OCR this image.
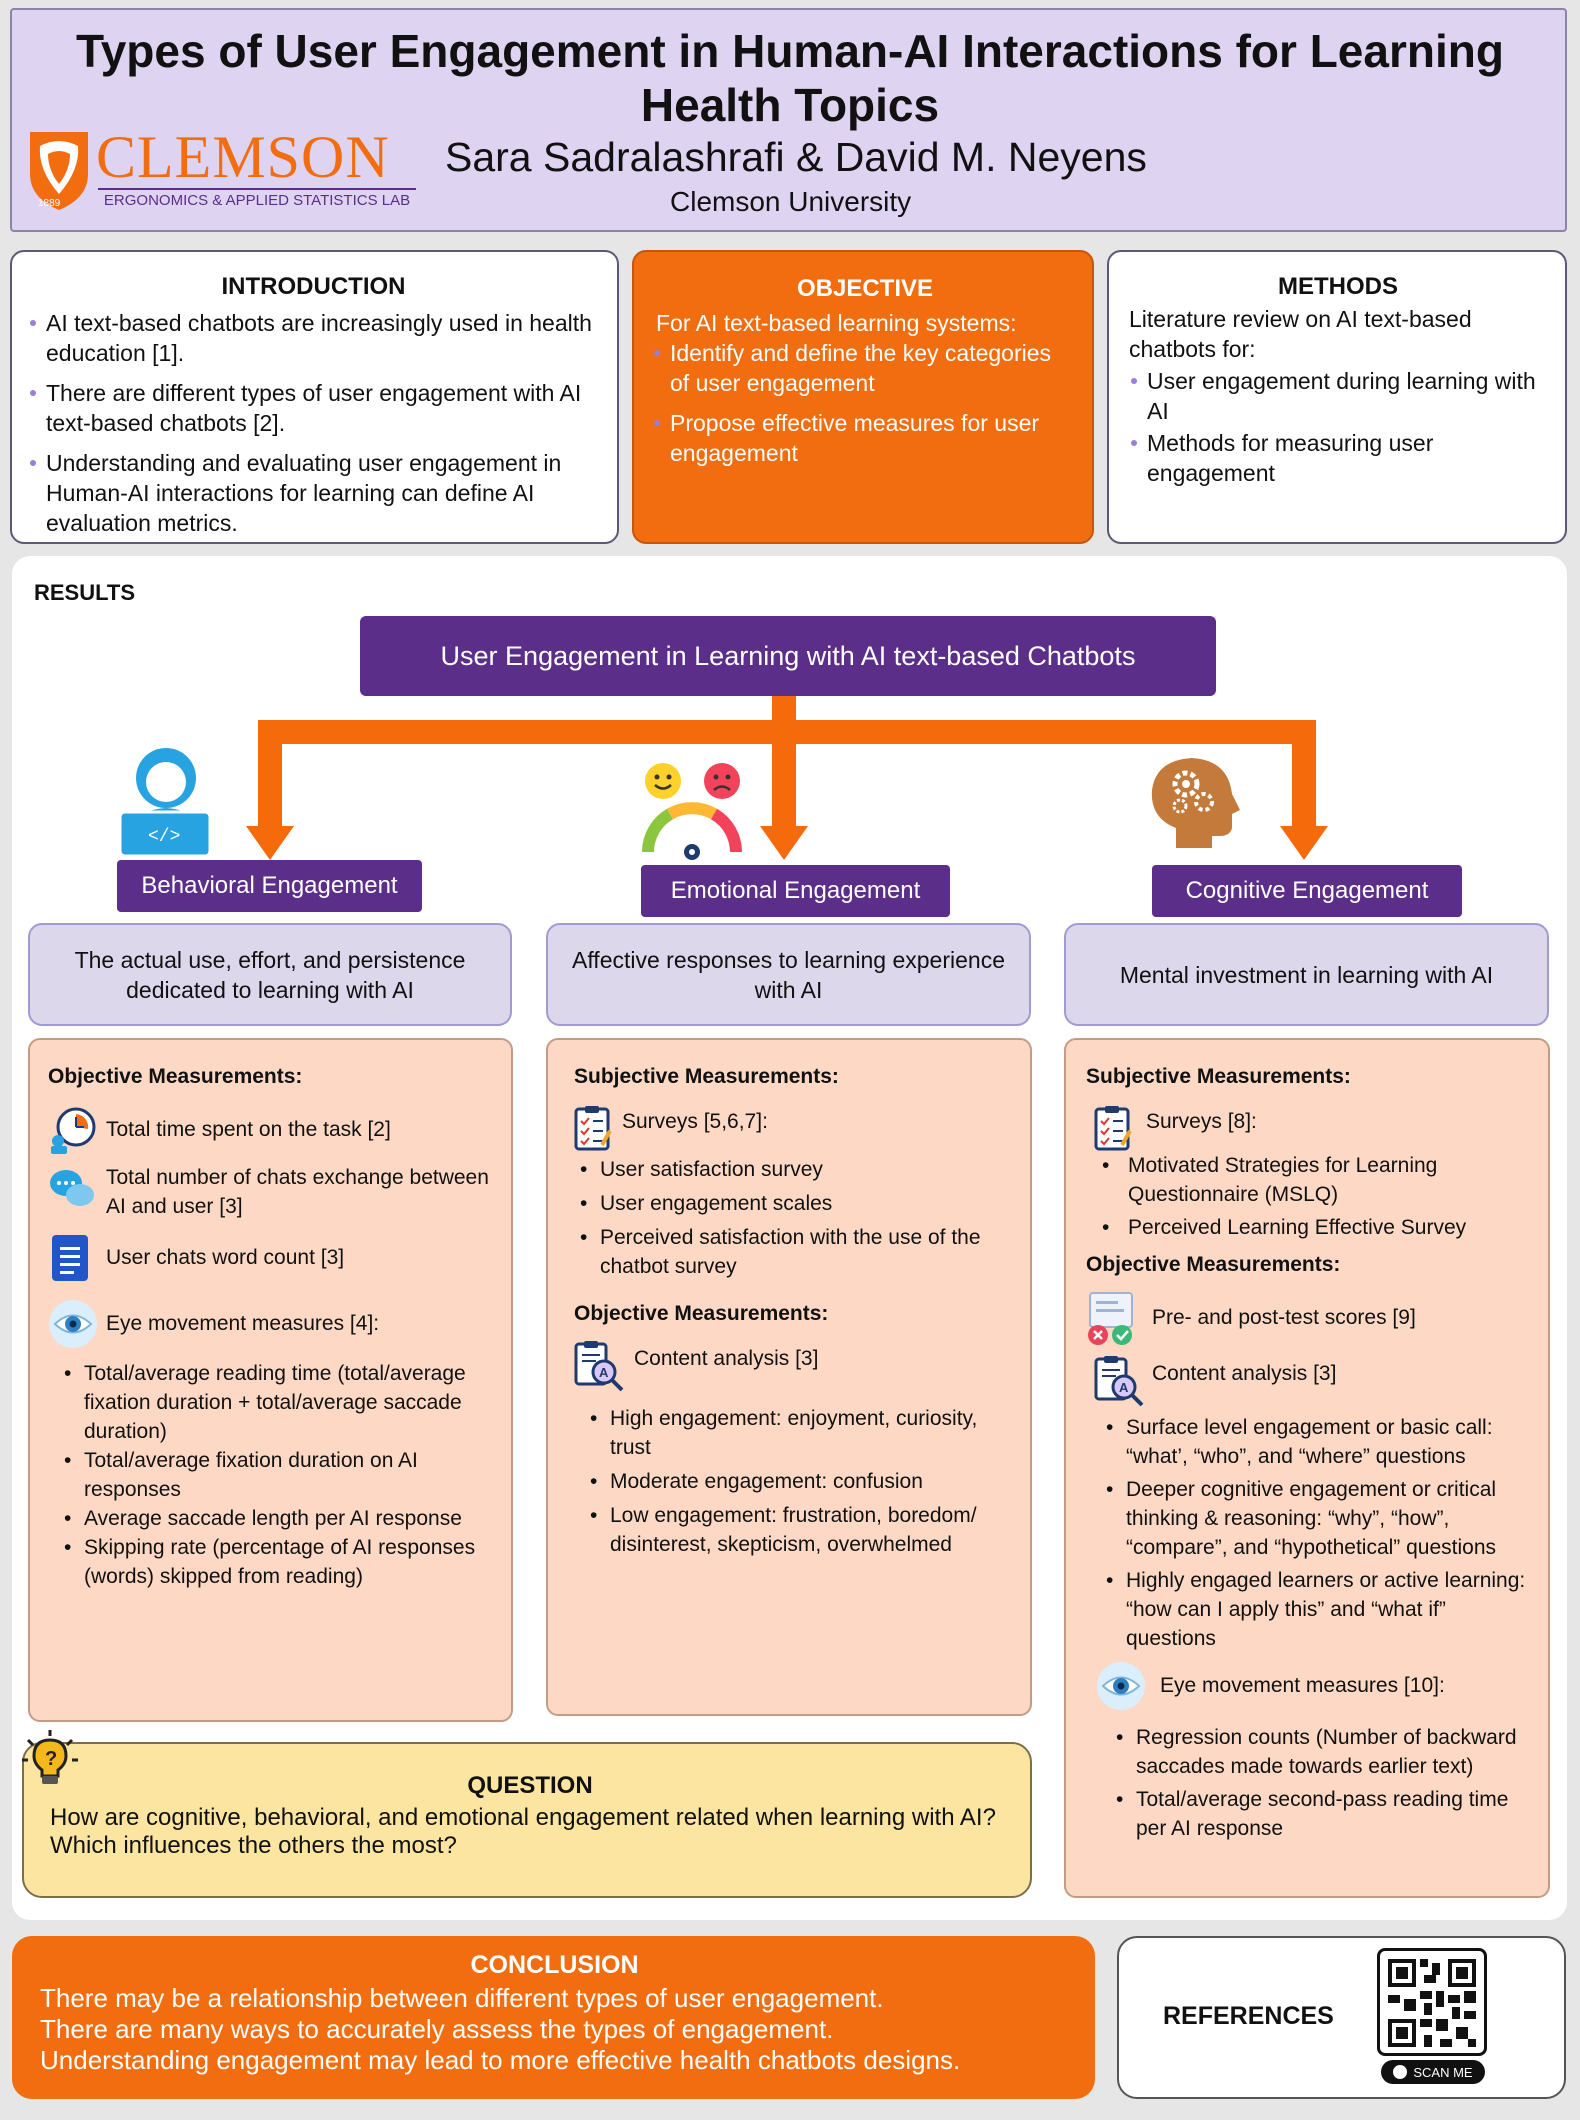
Types of User Engagement in Human-AI Interactions for Learning Health Topics
1889
CLEMSON
ERGONOMICS & APPLIED STATISTICS LAB
Sara Sadralashrafi & David M. Neyens
Clemson University
INTRODUCTION
AI text-based chatbots are increasingly used in health education [1].
There are different types of user engagement with AI text-based chatbots [2].
Understanding and evaluating user engagement in Human-AI interactions for learning can define AI evaluation metrics.
OBJECTIVE
For AI text-based learning systems:
Identify and define the key categories of user engagement
Propose effective measures for user engagement
METHODS
Literature review on AI text-based chatbots for:
User engagement during learning with AI
Methods for measuring user engagement
RESULTS
User Engagement in Learning with AI text-based Chatbots
</>
Behavioral Engagement	Emotional Engagement	Cognitive Engagement
The actual use, effort, and persistence dedicated to learning with AI
Affective responses to learning experience with AI
Mental investment in learning with AI
Objective Measurements:
Total time spent on the task [2]
Total number of chats exchange between AI and user [3]
User chats word count [3]
Eye movement measures [4]:
• Total/average reading time (total/average fixation duration + total/average saccade duration)
• Total/average fixation duration on AI responses
• Average saccade length per AI response
• Skipping rate (percentage of AI responses (words) skipped from reading)
Subjective Measurements:
Surveys [5,6,7]:
• User satisfaction survey
• User engagement scales
• Perceived satisfaction with the use of the chatbot survey
Objective Measurements:
A
Content analysis [3]
• High engagement: enjoyment, curiosity, trust
• Moderate engagement: confusion
• Low engagement: frustration, boredom/ disinterest, skepticism, overwhelmed
Subjective Measurements:
Surveys [8]:
• Motivated Strategies for Learning Questionnaire (MSLQ)
• Perceived Learning Effective Survey
Objective Measurements:
Pre- and post-test scores [9]
A
Content analysis [3]
• Surface level engagement or basic call: “what’, “who”, and “where” questions
• Deeper cognitive engagement or critical thinking & reasoning: “why”, “how”, “compare”, and “hypothetical” questions
• Highly engaged learners or active learning: “how can I apply this” and “what if” questions
Eye movement measures [10]:
• Regression counts (Number of backward saccades made towards earlier text)
• Total/average second-pass reading time per AI response
QUESTION
How are cognitive, behavioral, and emotional engagement related when learning with AI?
Which influences the others the most?
?
CONCLUSION
There may be a relationship between different types of user engagement.
There are many ways to accurately assess the types of engagement.
Understanding engagement may lead to more effective health chatbots designs.
REFERENCES
SCAN ME
